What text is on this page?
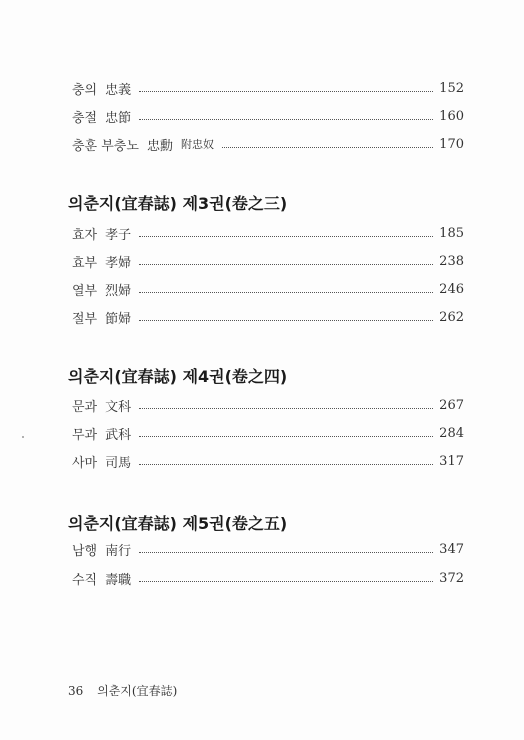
충의 忠義	152
충절 忠節	160
충훈 부충노 忠勳 附忠奴	170
의춘지(宜春誌) 제3권(卷之三)
효자 孝子	185
효부 孝婦	238
열부 烈婦	246
절부 節婦	262
의춘지(宜春誌) 제4권(卷之四)
문과 文科	267
무과 武科	284
사마 司馬	317
의춘지(宜春誌) 제5권(卷之五)
남행 南行	347
수직 壽職	372
36 의춘지(宜春誌)
